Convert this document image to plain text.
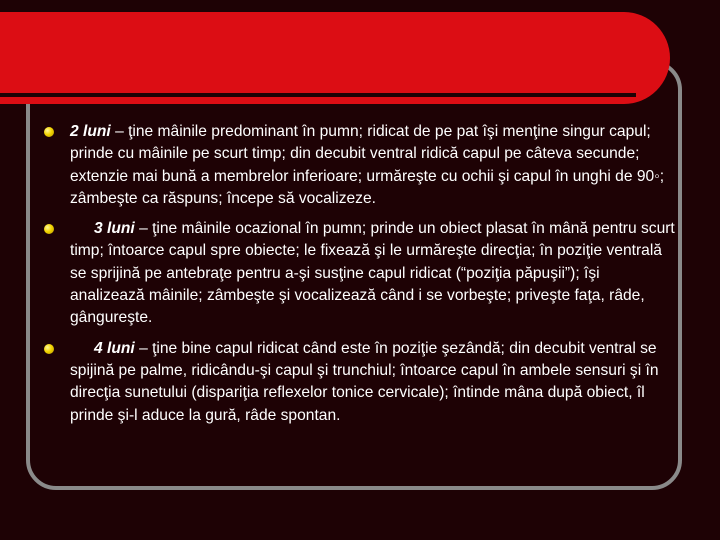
2 luni – ţine mâinile predominant în pumn; ridicat de pe pat îşi menţine singur capul; prinde cu mâinile pe scurt timp; din decubit ventral ridică capul pe câteva secunde; extenzie mai bună a membrelor inferioare; urmăreşte cu ochii şi capul în unghi de 90◦; zâmbeşte ca răspuns; începe să vocalizeze.
3 luni – ţine mâinile ocazional în pumn; prinde un obiect plasat în mână pentru scurt timp; întoarce capul spre obiecte; le fixează şi le urmăreşte direcţia; în poziţie ventrală se sprijină pe antebraţe pentru a-şi susţine capul ridicat (“poziţia păpuşii”); îşi analizează mâinile; zâmbeşte şi vocalizează când i se vorbeşte; priveşte faţa, râde, gângureşte.
4 luni – ţine bine capul ridicat când este în poziţie şezândă; din decubit ventral se spijină pe palme, ridicându-şi capul şi trunchiul; întoarce capul în ambele sensuri şi în direcţia sunetului (dispariţia reflexelor tonice cervicale); întinde mâna după obiect, îl prinde şi-l aduce la gură, râde spontan.
